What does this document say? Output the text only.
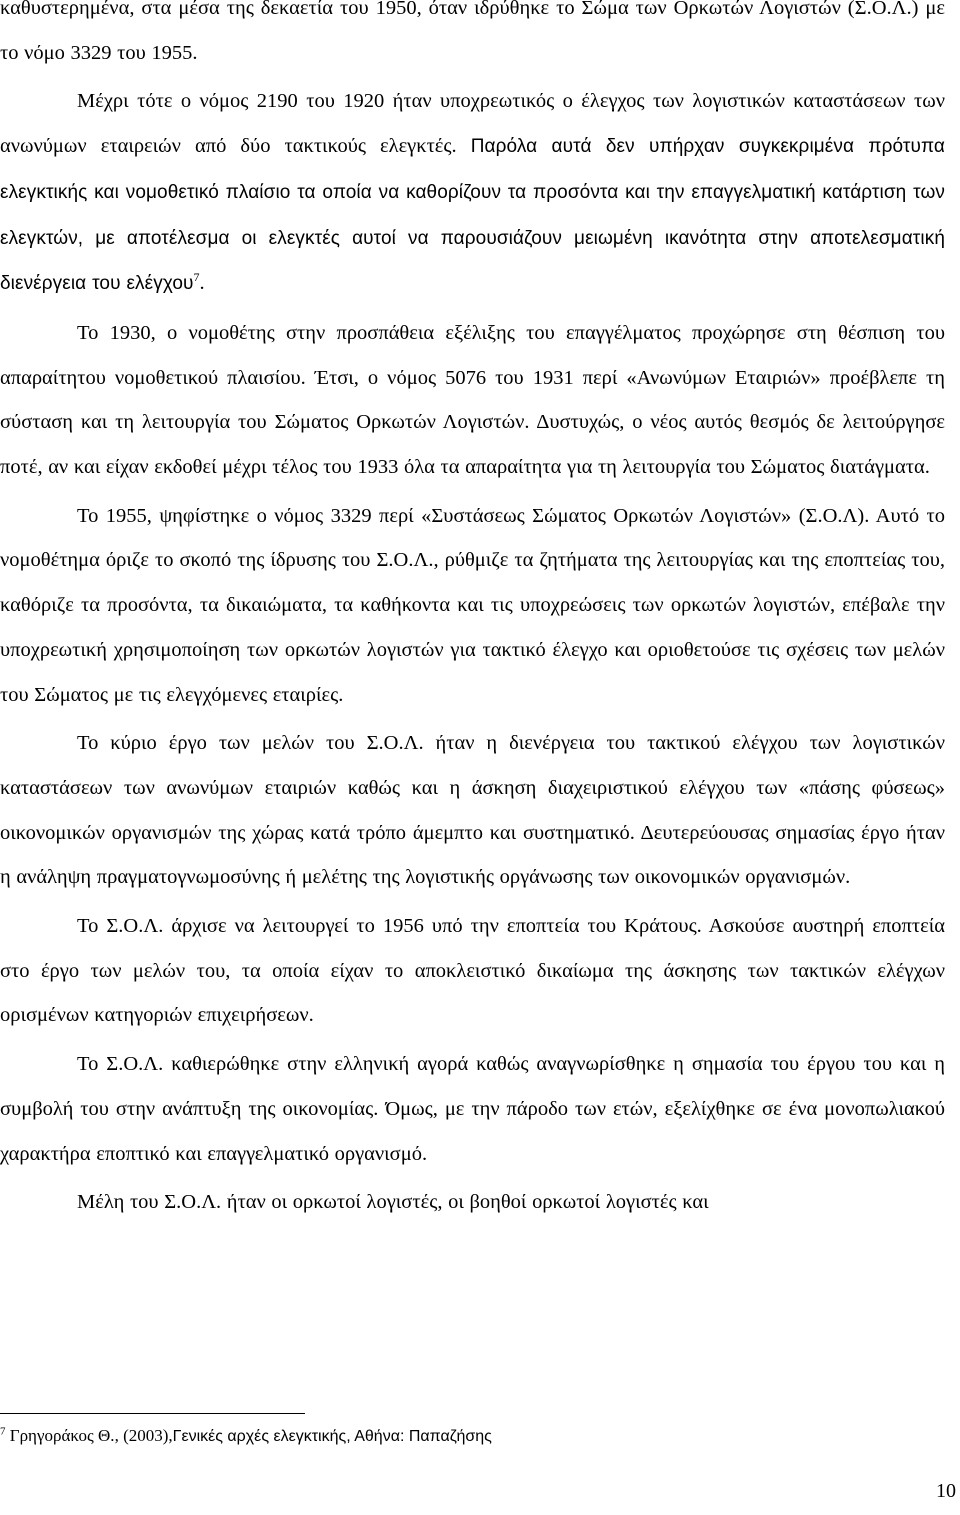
καθυστερημένα, στα μέσα της δεκαετία του 1950, όταν ιδρύθηκε το Σώμα των Ορκωτών Λογιστών (Σ.Ο.Λ.) με το νόμο 3329 του 1955.

Μέχρι τότε ο νόμος 2190 του 1920 ήταν υποχρεωτικός ο έλεγχος των λογιστικών καταστάσεων των ανωνύμων εταιρειών από δύο τακτικούς ελεγκτές. Παρόλα αυτά δεν υπήρχαν συγκεκριμένα πρότυπα ελεγκτικής και νομοθετικό πλαίσιο τα οποία να καθορίζουν τα προσόντα και την επαγγελματική κατάρτιση των ελεγκτών, με αποτέλεσμα οι ελεγκτές αυτοί να παρουσιάζουν μειωμένη ικανότητα στην αποτελεσματική διενέργεια του ελέγχου$^7$.

Το 1930, ο νομοθέτης στην προσπάθεια εξέλιξης του επαγγέλματος προχώρησε στη θέσπιση του απαραίτητου νομοθετικού πλαισίου. Έτσι, ο νόμος 5076 του 1931 περί «Ανωνύμων Εταιριών» προέβλεπε τη σύσταση και τη λειτουργία του Σώματος Ορκωτών Λογιστών. Δυστυχώς, ο νέος αυτός θεσμός δε λειτούργησε ποτέ, αν και είχαν εκδοθεί μέχρι τέλος του 1933 όλα τα απαραίτητα για τη λειτουργία του Σώματος διατάγματα.

Το 1955, ψηφίστηκε ο νόμος 3329 περί «Συστάσεως Σώματος Ορκωτών Λογιστών» (Σ.Ο.Λ). Αυτό το νομοθέτημα όριζε το σκοπό της ίδρυσης του Σ.Ο.Λ., ρύθμιζε τα ζητήματα της λειτουργίας και της εποπτείας του, καθόριζε τα προσόντα, τα δικαιώματα, τα καθήκοντα και τις υποχρεώσεις των ορκωτών λογιστών, επέβαλε την υποχρεωτική χρησιμοποίηση των ορκωτών λογιστών για τακτικό έλεγχο και οριοθετούσε τις σχέσεις των μελών του Σώματος με τις ελεγχόμενες εταιρίες.

Το κύριο έργο των μελών του Σ.Ο.Λ. ήταν η διενέργεια του τακτικού ελέγχου των λογιστικών καταστάσεων των ανωνύμων εταιριών καθώς και η άσκηση διαχειριστικού ελέγχου των «πάσης φύσεως» οικονομικών οργανισμών της χώρας κατά τρόπο άμεμπτο και συστηματικό. Δευτερεύουσας σημασίας έργο ήταν η ανάληψη πραγματογνωμοσύνης ή μελέτης της λογιστικής οργάνωσης των οικονομικών οργανισμών.

Το Σ.Ο.Λ. άρχισε να λειτουργεί το 1956 υπό την εποπτεία του Κράτους. Ασκούσε αυστηρή εποπτεία στο έργο των μελών του, τα οποία είχαν το αποκλειστικό δικαίωμα της άσκησης των τακτικών ελέγχων ορισμένων κατηγοριών επιχειρήσεων.

Το Σ.Ο.Λ. καθιερώθηκε στην ελληνική αγορά καθώς αναγνωρίσθηκε η σημασία του έργου του και η συμβολή του στην ανάπτυξη της οικονομίας. Όμως, με την πάροδο των ετών, εξελίχθηκε σε ένα μονοπωλιακού χαρακτήρα εποπτικό και επαγγελματικό οργανισμό.

Μέλη του Σ.Ο.Λ. ήταν οι ορκωτοί λογιστές, οι βοηθοί ορκωτοί λογιστές και

$^7$ Γρηγοράκος Θ., (2003),Γενικές αρχές ελεγκτικής, Αθήνα: Παπαζήσης
10
